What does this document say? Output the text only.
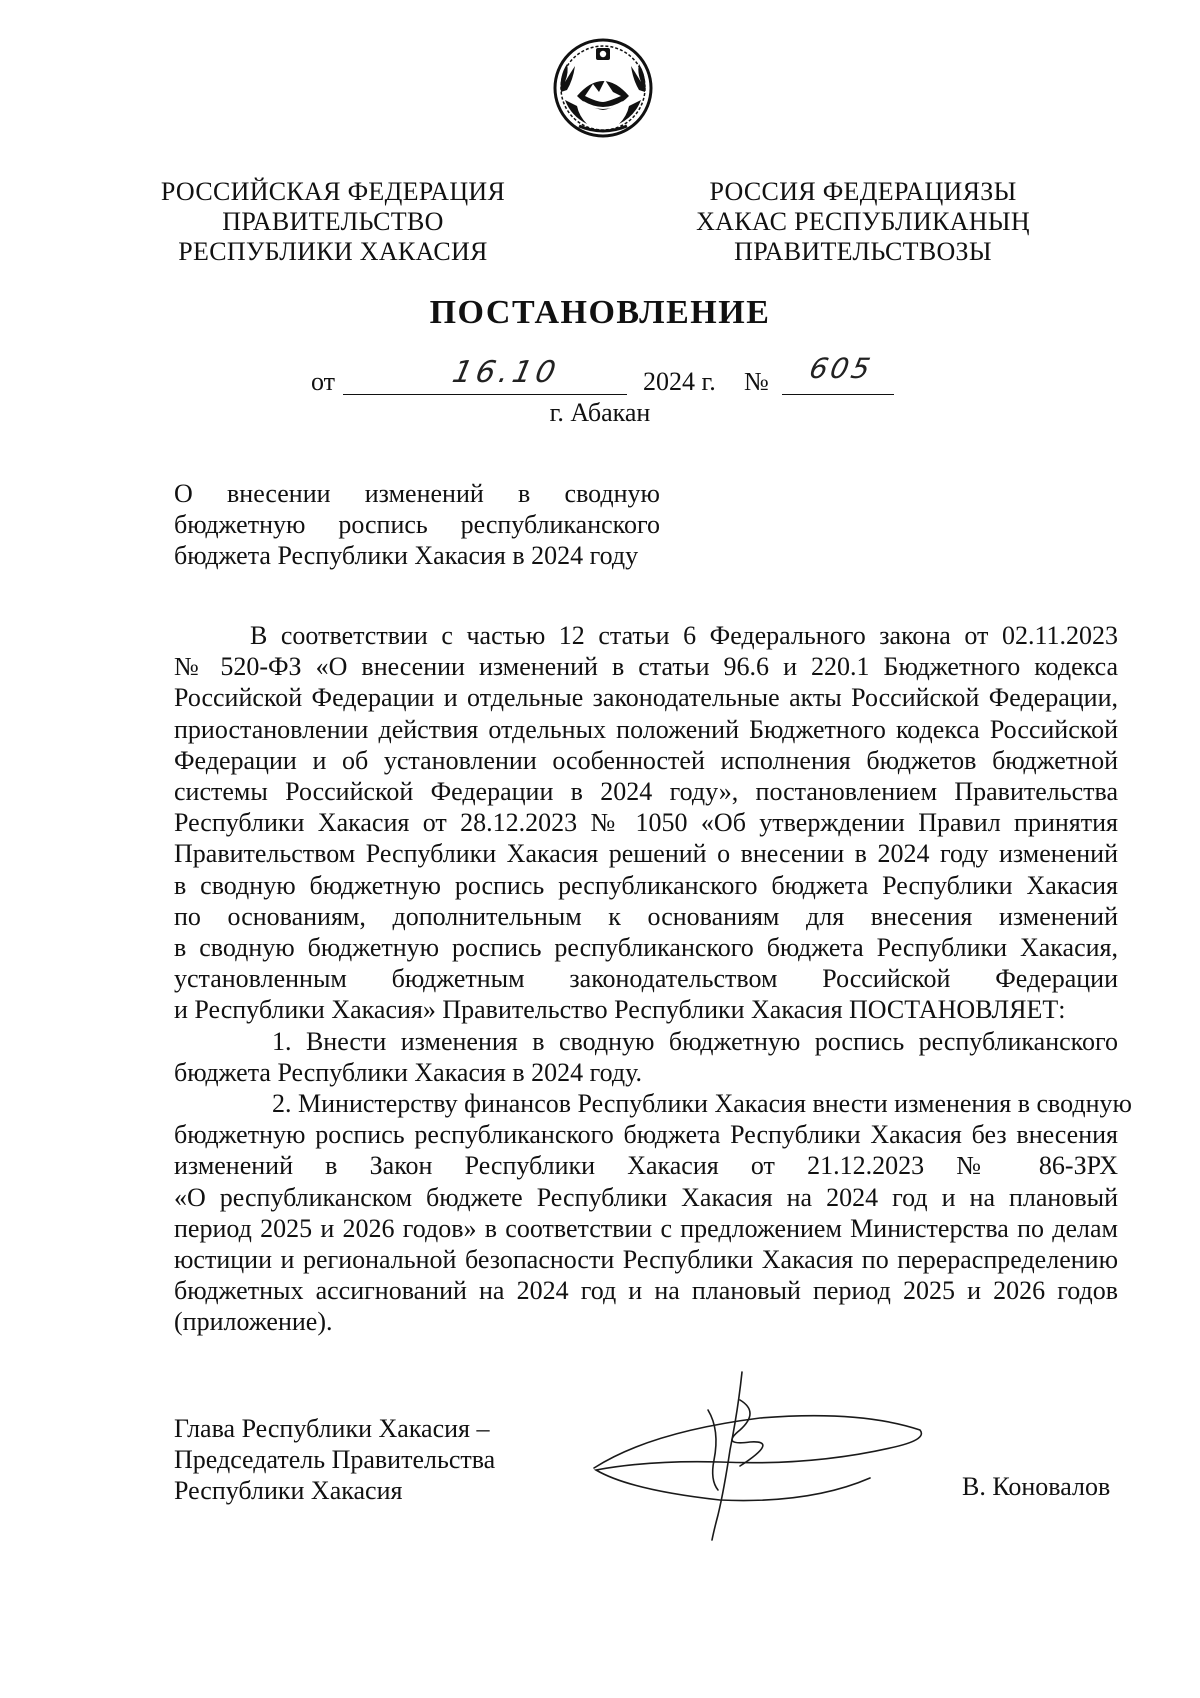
РОССИЙСКАЯ ФЕДЕРАЦИЯ
ПРАВИТЕЛЬСТВО
РЕСПУБЛИКИ ХАКАСИЯ
РОССИЯ ФЕДЕРАЦИЯЗЫ
ХАКАС РЕСПУБЛИКАНЫҢ
ПРАВИТЕЛЬСТВОЗЫ
ПОСТАНОВЛЕНИЕ
от	16.10	2024 г. № 605
г. Абакан
О внесении изменений в сводную
бюджетную роспись республиканского
бюджета Республики Хакасия в 2024 году
В соответствии с частью 12 статьи 6 Федерального закона от 02.11.2023
№ 520-ФЗ «О внесении изменений в статьи 96.6 и 220.1 Бюджетного кодекса
Российской Федерации и отдельные законодательные акты Российской Федерации,
приостановлении действия отдельных положений Бюджетного кодекса Российской
Федерации и об установлении особенностей исполнения бюджетов бюджетной
системы Российской Федерации в 2024 году», постановлением Правительства
Республики Хакасия от 28.12.2023 № 1050 «Об утверждении Правил принятия
Правительством Республики Хакасия решений о внесении в 2024 году изменений
в сводную бюджетную роспись республиканского бюджета Республики Хакасия
по основаниям, дополнительным к основаниям для внесения изменений
в сводную бюджетную роспись республиканского бюджета Республики Хакасия,
установленным бюджетным законодательством Российской Федерации
и Республики Хакасия» Правительство Республики Хакасия ПОСТАНОВЛЯЕТ:
1. Внести изменения в сводную бюджетную роспись республиканского
бюджета Республики Хакасия в 2024 году.
2. Министерству финансов Республики Хакасия внести изменения в сводную
бюджетную роспись республиканского бюджета Республики Хакасия без внесения
изменений в Закон Республики Хакасия от 21.12.2023 № 86-ЗРХ
«О республиканском бюджете Республики Хакасия на 2024 год и на плановый
период 2025 и 2026 годов» в соответствии с предложением Министерства по делам
юстиции и региональной безопасности Республики Хакасия по перераспределению
бюджетных ассигнований на 2024 год и на плановый период 2025 и 2026 годов
(приложение).
Глава Республики Хакасия –
Председатель Правительства
Республики Хакасия	В. Коновалов
